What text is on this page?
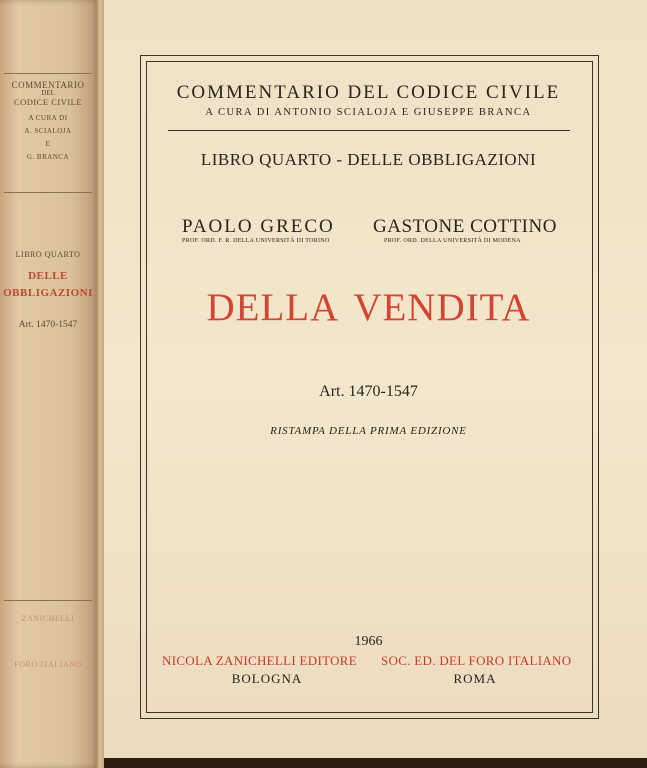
COMMENTARIO
DEL
CODICE CIVILE
A CURA DI
A. SCIALOJA
E
G. BRANCA
LIBRO QUARTO
DELLE
OBBLIGAZIONI
Art. 1470-1547
ZANICHELLI
FORO ITALIANO
COMMENTARIO DEL CODICE CIVILE
A CURA DI ANTONIO SCIALOJA E GIUSEPPE BRANCA
LIBRO QUARTO - DELLE OBBLIGAZIONI
PAOLO GRECO
PROF. ORD. F. R. DELLA UNIVERSITÀ DI TORINO
GASTONE COTTINO
PROF. ORD. DELLA UNIVERSITÀ DI MODENA
DELLA VENDITA
Art. 1470-1547
RISTAMPA DELLA PRIMA EDIZIONE
1966
NICOLA ZANICHELLI EDITORE SOC. ED. DEL FORO ITALIANO
BOLOGNA	ROMA
